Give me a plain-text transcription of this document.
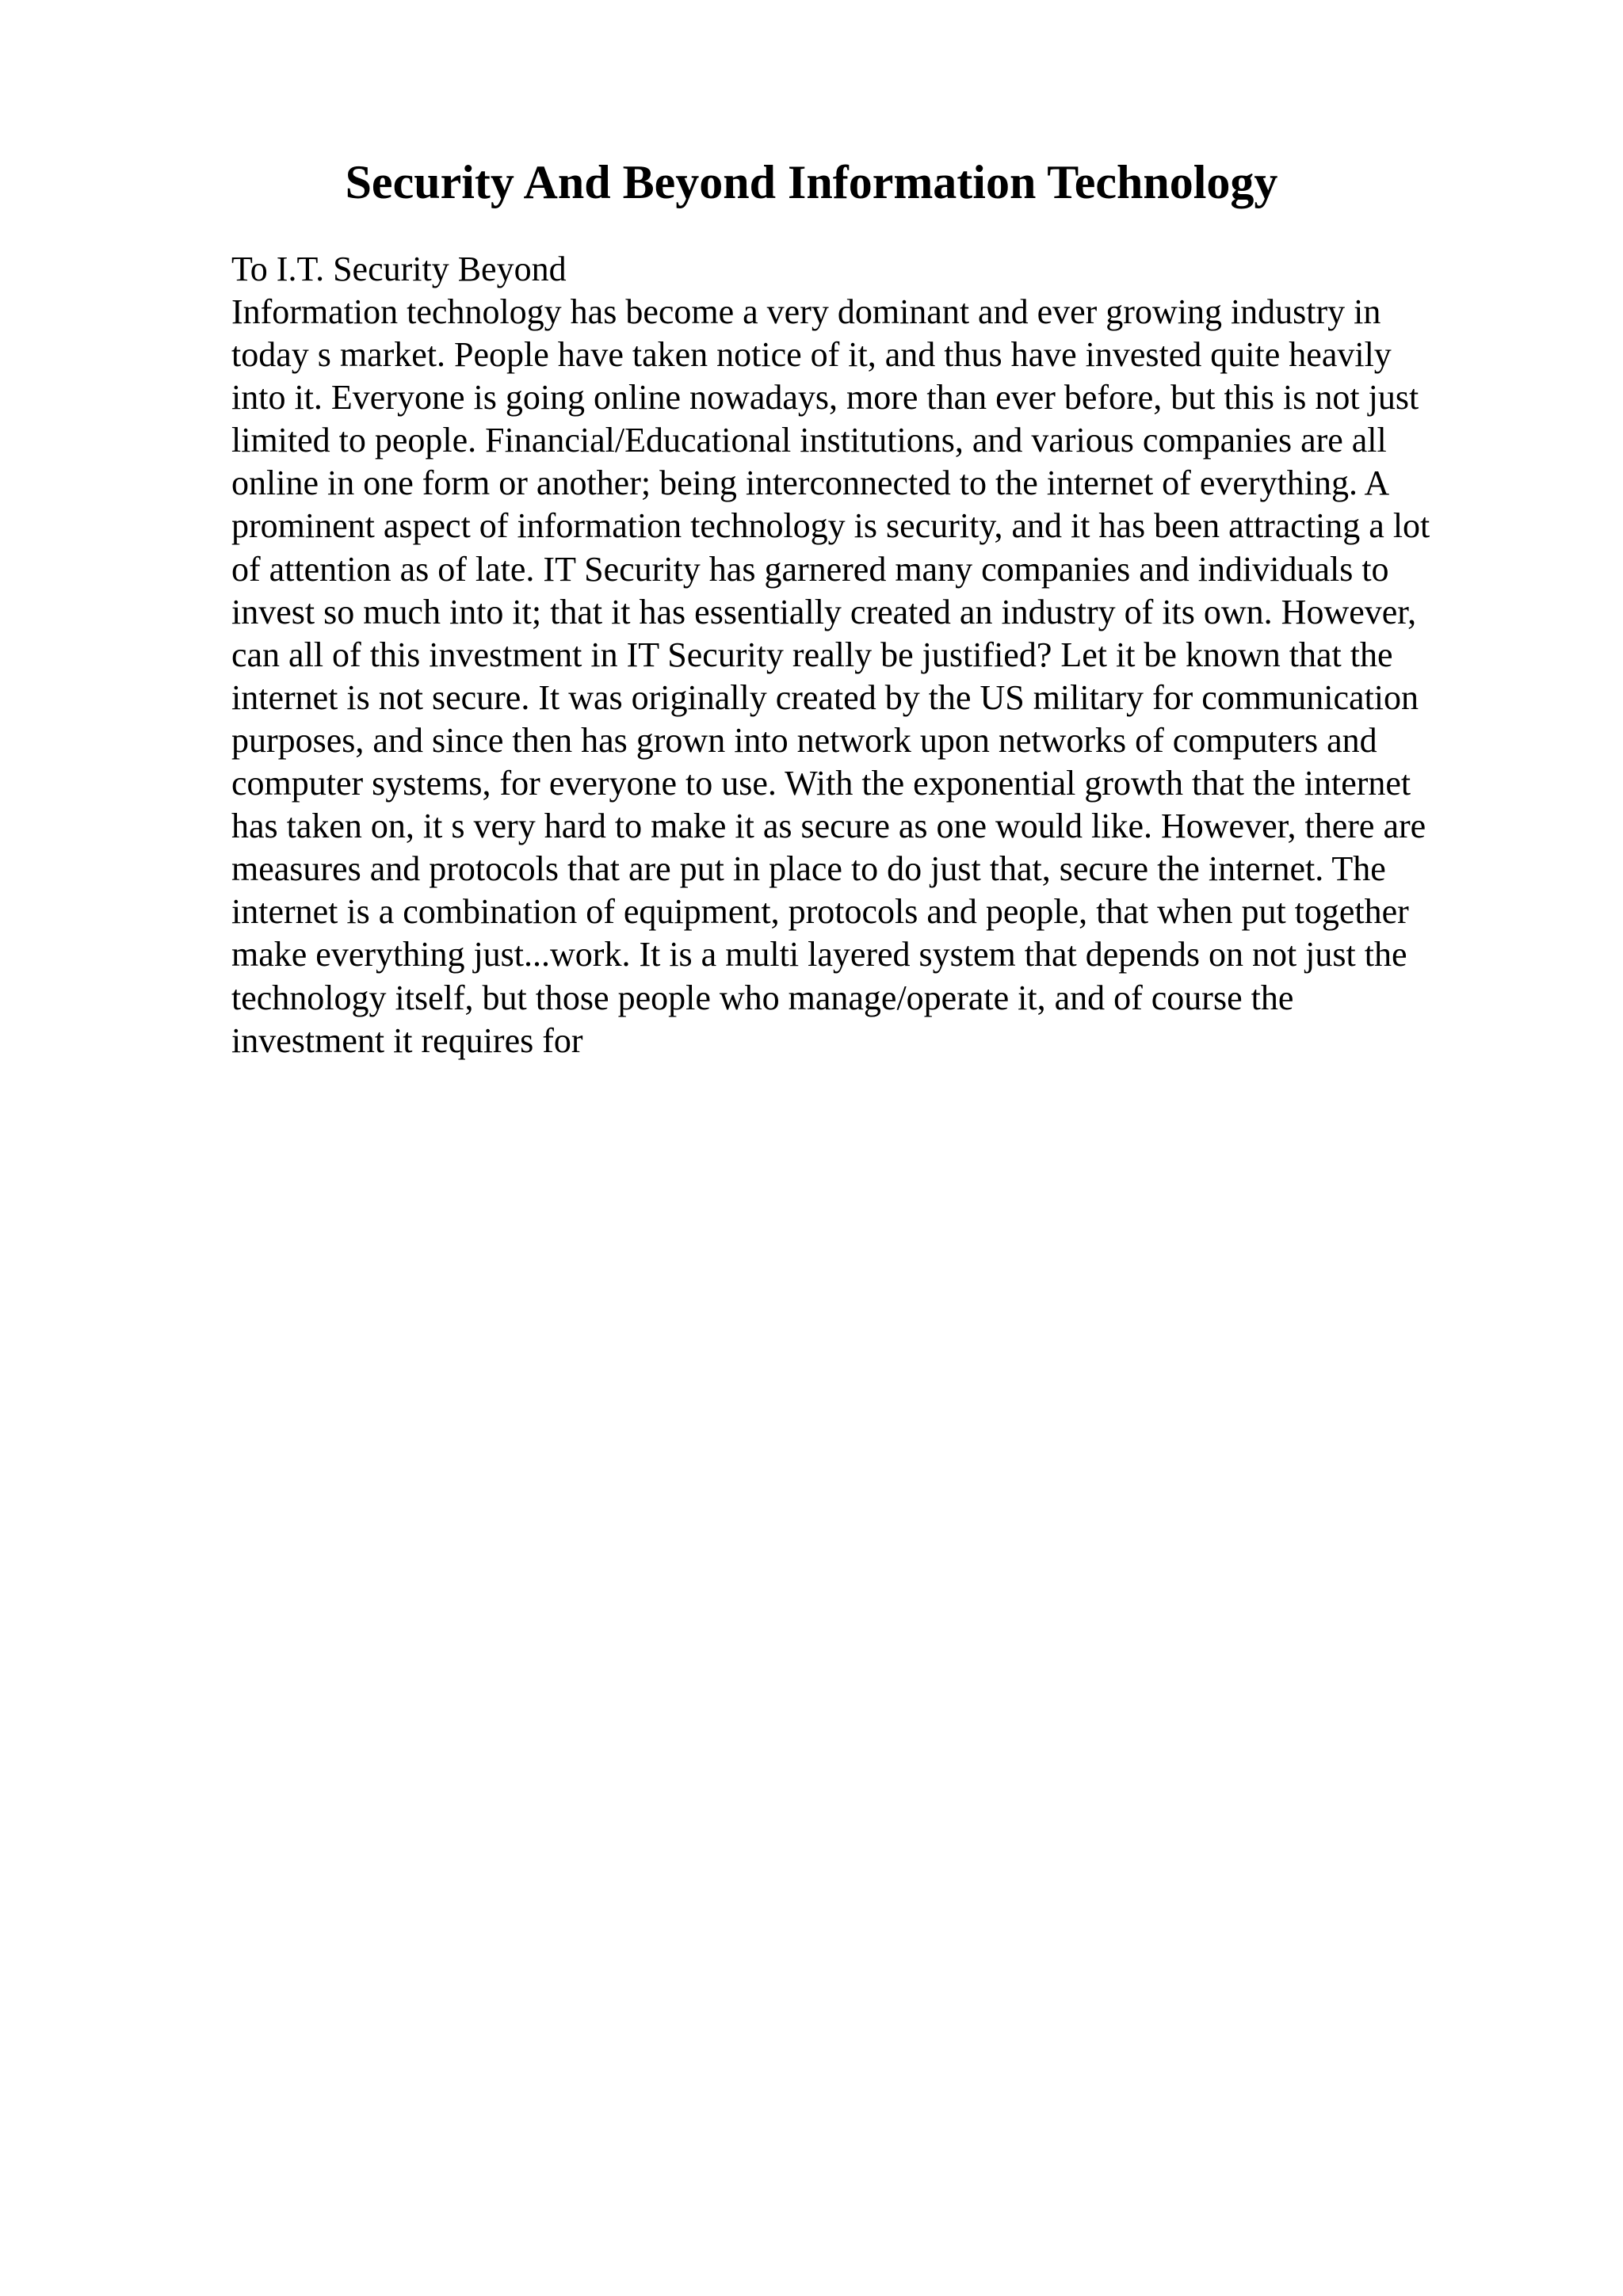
Security And Beyond Information Technology

To I.T. Security Beyond

Information technology has become a very dominant and ever growing industry in
today s market. People have taken notice of it, and thus have invested quite heavily
into it. Everyone is going online nowadays, more than ever before, but this is not just
limited to people. Financial/Educational institutions, and various companies are all
online in one form or another; being interconnected to the internet of everything. A
prominent aspect of information technology is security, and it has been attracting a lot
of attention as of late. IT Security has garnered many companies and individuals to
invest so much into it; that it has essentially created an industry of its own. However,
can all of this investment in IT Security really be justified? Let it be known that the
internet is not secure. It was originally created by the US military for communication
purposes, and since then has grown into network upon networks of computers and
computer systems, for everyone to use. With the exponential growth that the internet
has taken on, it s very hard to make it as secure as one would like. However, there are
measures and protocols that are put in place to do just that, secure the internet. The
internet is a combination of equipment, protocols and people, that when put together
make everything just...work. It is a multi layered system that depends on not just the
technology itself, but those people who manage/operate it, and of course the
investment it requires for
